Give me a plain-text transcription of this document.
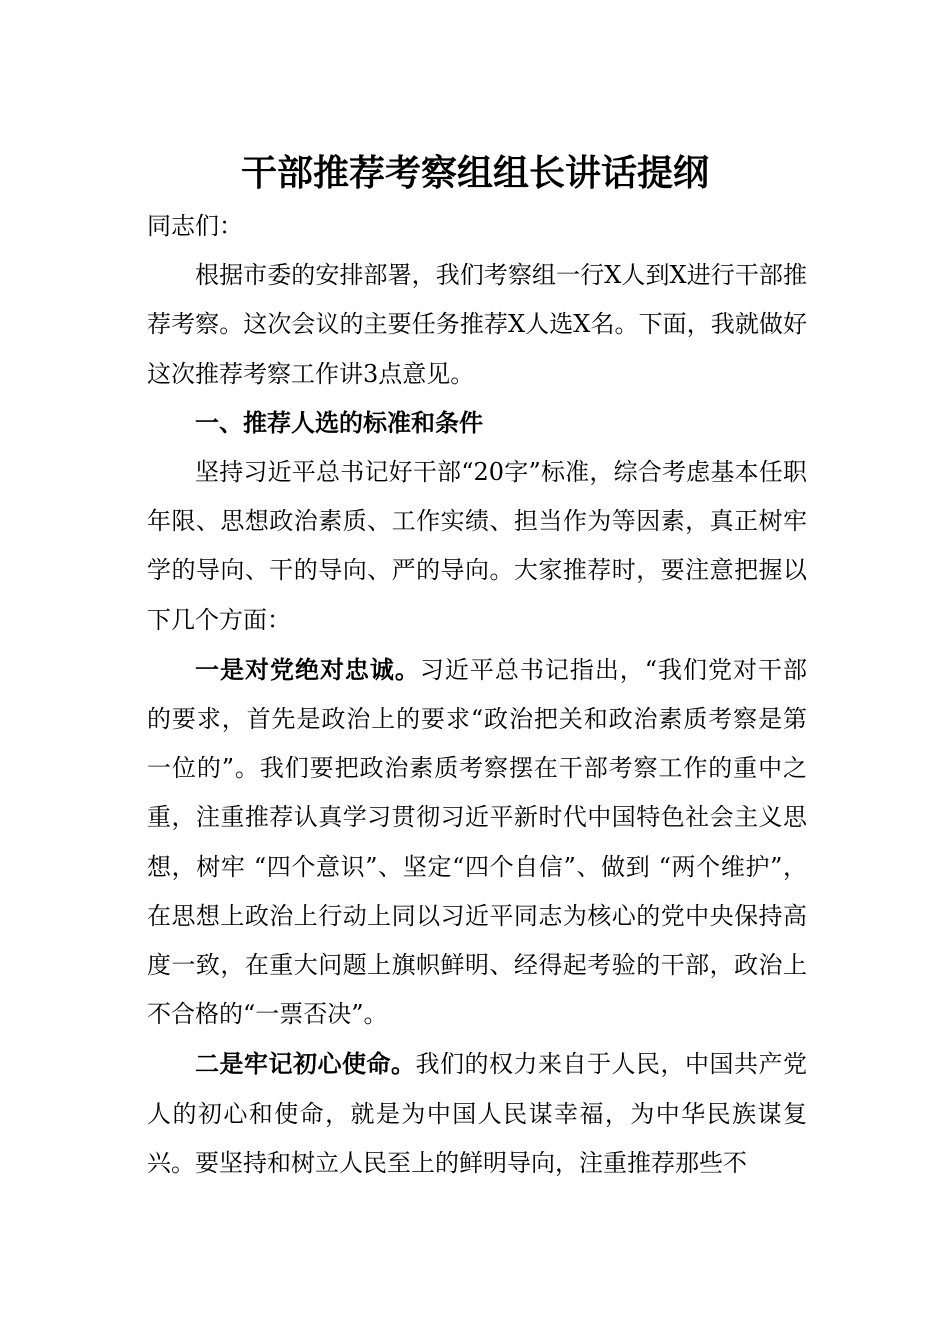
干部推荐考察组组长讲话提纲

同志们：

根据市委的安排部署，我们考察组一行X人到X进行干部推荐考察。这次会议的主要任务推荐X人选X名。下面，我就做好这次推荐考察工作讲3点意见。

一、推荐人选的标准和条件

坚持习近平总书记好干部“20字”标准，综合考虑基本任职年限、思想政治素质、工作实绩、担当作为等因素，真正树牢学的导向、干的导向、严的导向。大家推荐时，要注意把握以下几个方面：

一是对党绝对忠诚。习近平总书记指出，“我们党对干部的要求，首先是政治上的要求“政治把关和政治素质考察是第一位的”。我们要把政治素质考察摆在干部考察工作的重中之重，注重推荐认真学习贯彻习近平新时代中国特色社会主义思想，树牢 “四个意识”、坚定“四个自信”、做到 “两个维护”，在思想上政治上行动上同以习近平同志为核心的党中央保持高度一致，在重大问题上旗帜鲜明、经得起考验的干部，政治上不合格的“一票否决”。

二是牢记初心使命。我们的权力来自于人民，中国共产党人的初心和使命，就是为中国人民谋幸福，为中华民族谋复兴。要坚持和树立人民至上的鲜明导向，注重推荐那些不
